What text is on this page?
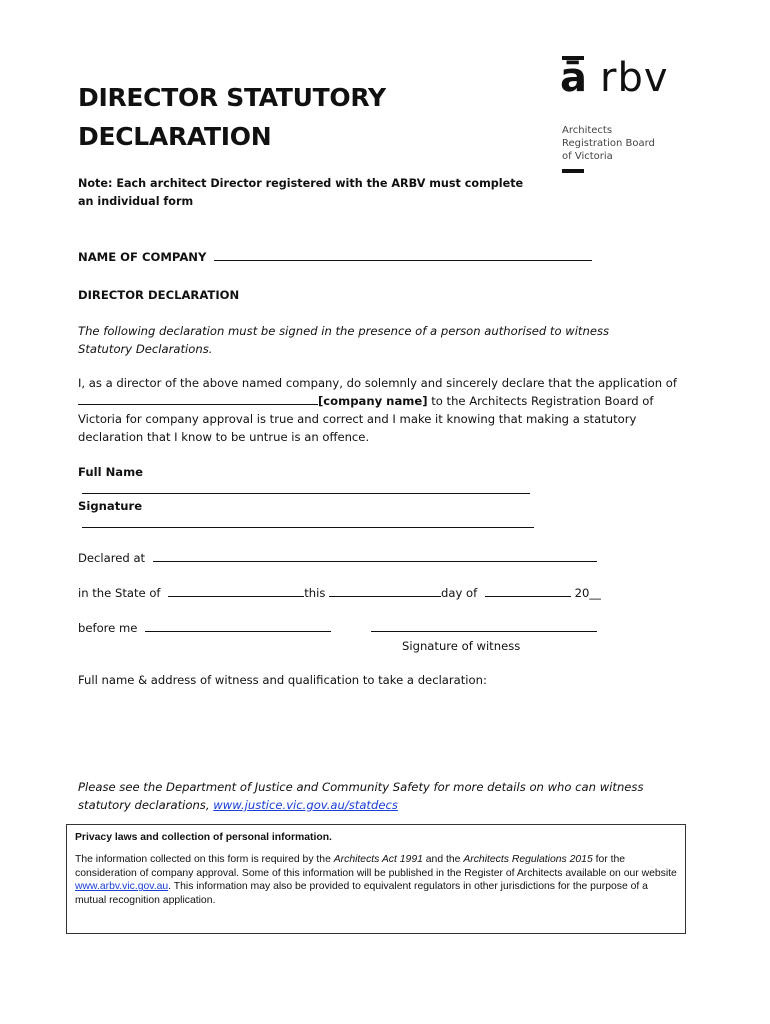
DIRECTOR STATUTORY
DECLARATION
Note: Each architect Director registered with the ARBV must complete an individual form
ā rbv
Architects
Registration Board
of Victoria
NAME OF COMPANY
DIRECTOR DECLARATION
The following declaration must be signed in the presence of a person authorised to witness Statutory Declarations.
I, as a director of the above named company, do solemnly and sincerely declare that the application of
[company name] to the Architects Registration Board of Victoria for company approval is true and correct and I make it knowing that making a statutory declaration that I know to be untrue is an offence.
Full Name
Signature
Declared at
in the State of	this	day of	20__
before me
Signature of witness
Full name & address of witness and qualification to take a declaration:
Please see the Department of Justice and Community Safety for more details on who can witness statutory declarations, www.justice.vic.gov.au/statdecs
Privacy laws and collection of personal information.
The information collected on this form is required by the Architects Act 1991 and the Architects Regulations 2015 for the consideration of company approval. Some of this information will be published in the Register of Architects available on our website www.arbv.vic.gov.au. This information may also be provided to equivalent regulators in other jurisdictions for the purpose of a mutual recognition application.
